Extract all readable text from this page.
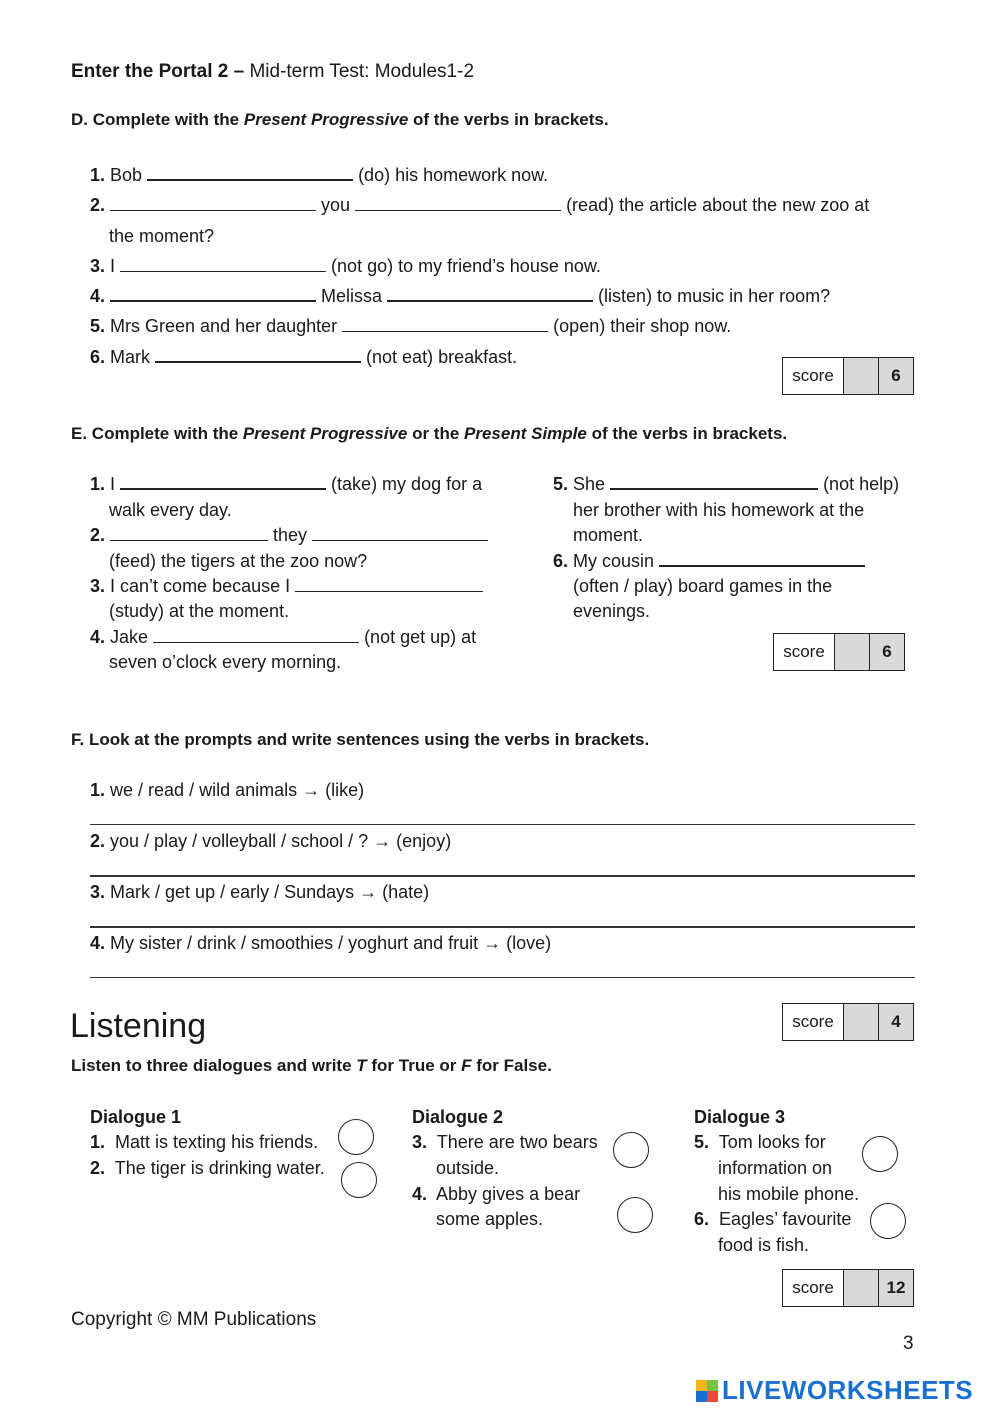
Enter the Portal 2 – Mid-term Test: Modules1-2
D. Complete with the Present Progressive of the verbs in brackets.
1. Bob	(do) his homework now.
2.	you	(read) the article about the new zoo at
the moment?
3. I	(not go) to my friend’s house now.
4.	Melissa	(listen) to music in her room?
5. Mrs Green and her daughter	(open) their shop now.
6. Mark	(not eat) breakfast.
score	6
E. Complete with the Present Progressive or the Present Simple of the verbs in brackets.
1. I	(take) my dog for a
walk every day.
2.	they
(feed) the tigers at the zoo now?
3. I can’t come because I
(study) at the moment.
4. Jake	(not get up) at
seven o’clock every morning.
5. She	(not help)
her brother with his homework at the
moment.
6. My cousin
(often / play) board games in the
evenings.
score	6
F. Look at the prompts and write sentences using the verbs in brackets.
1. we / read / wild animals → (like)
2. you / play / volleyball / school / ? → (enjoy)
3. Mark / get up / early / Sundays → (hate)
4. My sister / drink / smoothies / yoghurt and fruit → (love)
Listening	score	4
Listen to three dialogues and write T for True or F for False.
Dialogue 1
1. Matt is texting his friends.
2. The tiger is drinking water.
Dialogue 2
3. There are two bears
outside.
4. Abby gives a bear
some apples.
Dialogue 3
5. Tom looks for
information on
his mobile phone.
6. Eagles’ favourite
food is fish.
score	12
Copyright © MM Publications
3
LIVEWORKSHEETS
